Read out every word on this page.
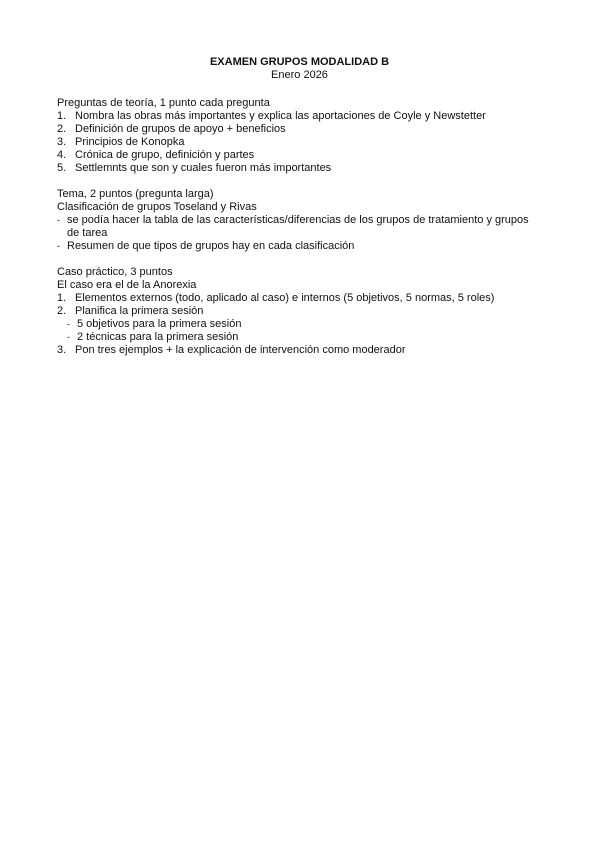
EXAMEN GRUPOS MODALIDAD B

Enero 2026

Preguntas de teoría, 1 punto cada pregunta

1. Nombra las obras más importantes y explica las aportaciones de Coyle y Newstetter
2. Definición de grupos de apoyo + beneficios
3. Principios de Konopka
4. Crónica de grupo, definición y partes
5. Settlemnts que son y cuales fueron más importantes

Tema, 2 puntos (pregunta larga)

Clasificación de grupos Toseland y Rivas

- se podía hacer la tabla de las características/diferencias de los grupos de tratamiento y grupos

de tarea

- Resumen de que tipos de grupos hay en cada clasificación

Caso práctico, 3 puntos

El caso era el de la Anorexia

1. Elementos externos (todo, aplicado al caso) e internos (5 objetivos, 5 normas, 5 roles)
2. Planifica la primera sesión
- 5 objetivos para la primera sesión
- 2 técnicas para la primera sesión
3. Pon tres ejemplos + la explicación de intervención como moderador
